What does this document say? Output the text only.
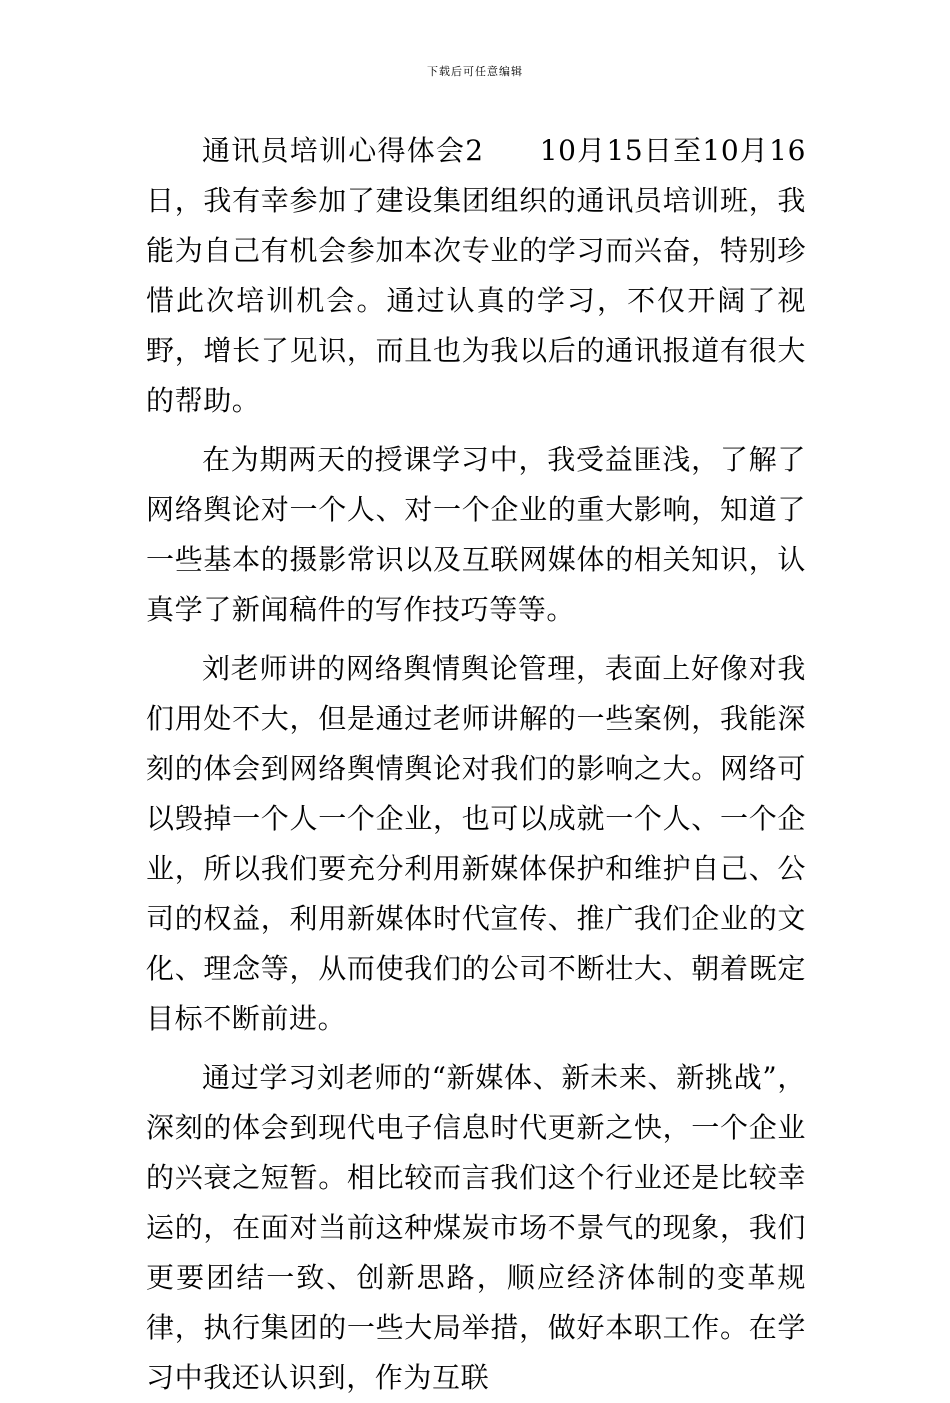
下载后可任意编辑

通讯员培训心得体会2 10月15日至10月16日，我有幸参加了建设集团组织的通讯员培训班，我能为自己有机会参加本次专业的学习而兴奋，特别珍惜此次培训机会。通过认真的学习，不仅开阔了视野，增长了见识，而且也为我以后的通讯报道有很大的帮助。

在为期两天的授课学习中，我受益匪浅，了解了网络舆论对一个人、对一个企业的重大影响，知道了一些基本的摄影常识以及互联网媒体的相关知识，认真学了新闻稿件的写作技巧等等。

刘老师讲的网络舆情舆论管理，表面上好像对我们用处不大，但是通过老师讲解的一些案例，我能深刻的体会到网络舆情舆论对我们的影响之大。网络可以毁掉一个人一个企业，也可以成就一个人、一个企业，所以我们要充分利用新媒体保护和维护自己、公司的权益，利用新媒体时代宣传、推广我们企业的文化、理念等，从而使我们的公司不断壮大、朝着既定目标不断前进。

通过学习刘老师的“新媒体、新未来、新挑战”，深刻的体会到现代电子信息时代更新之快，一个企业的兴衰之短暂。相比较而言我们这个行业还是比较幸运的，在面对当前这种煤炭市场不景气的现象，我们更要团结一致、创新思路，顺应经济体制的变革规律，执行集团的一些大局举措，做好本职工作。在学习中我还认识到，作为互联
